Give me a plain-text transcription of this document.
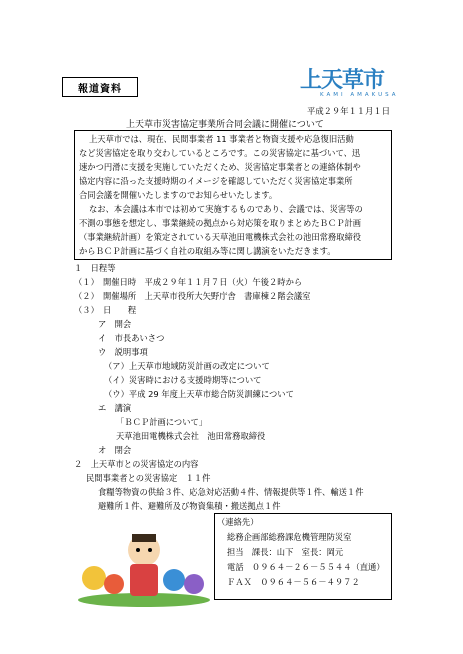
報道資料	上天草市
KAMI AMAKUSA
平成２９年１１月１日
上天草市災害協定事業所合同会議に開催について
上天草市では、現在、民間事業者 11 事業者と物資支援や応急復旧活動
など災害協定を取り交わしているところです。この災害協定に基づいて、迅
速かつ円滑に支援を実施していただくため、災害協定事業者との連絡体制や
協定内容に沿った支援時期のイメージを確認していただく災害協定事業所
合同会議を開催いたしますのでお知らせいたします。
なお、本会議は本市では初めて実施するものであり、会議では、災害等の
不測の事態を想定し、事業継続の拠点から対応策を取りまとめたＢＣＰ計画
（事業継続計画）を策定されている天草池田電機株式会社の池田常務取締役
からＢＣＰ計画に基づく自社の取組み等に関し講演をいただきます。
１　日程等
（１）　開催日時　平成２９年１１月７日（火）午後２時から
（２）　開催場所　上天草市役所大矢野庁舎　書庫棟２階会議室
（３）　日　　程
ア　開会
イ　市長あいさつ
ウ　説明事項
（ア）上天草市地域防災計画の改定について
（イ）災害時における支援時期等について
（ウ）平成 29 年度上天草市総合防災訓練について
エ　講演
「ＢＣＰ計画について」
天草池田電機株式会社　池田常務取締役
オ　閉会
２　上天草市との災害協定の内容
民間事業者との災害協定　１１件
食糧等物資の供給３件、応急対応活動４件、情報提供等１件、輸送１件
避難所１件、避難所及び物資集積・搬送拠点１件
（連絡先）
総務企画部総務課危機管理防災室
担当　課長：山下　室長：岡元
電話　０９６４－２６－５５４４（直通）
ＦＡＸ　０９６４－５６－４９７２
